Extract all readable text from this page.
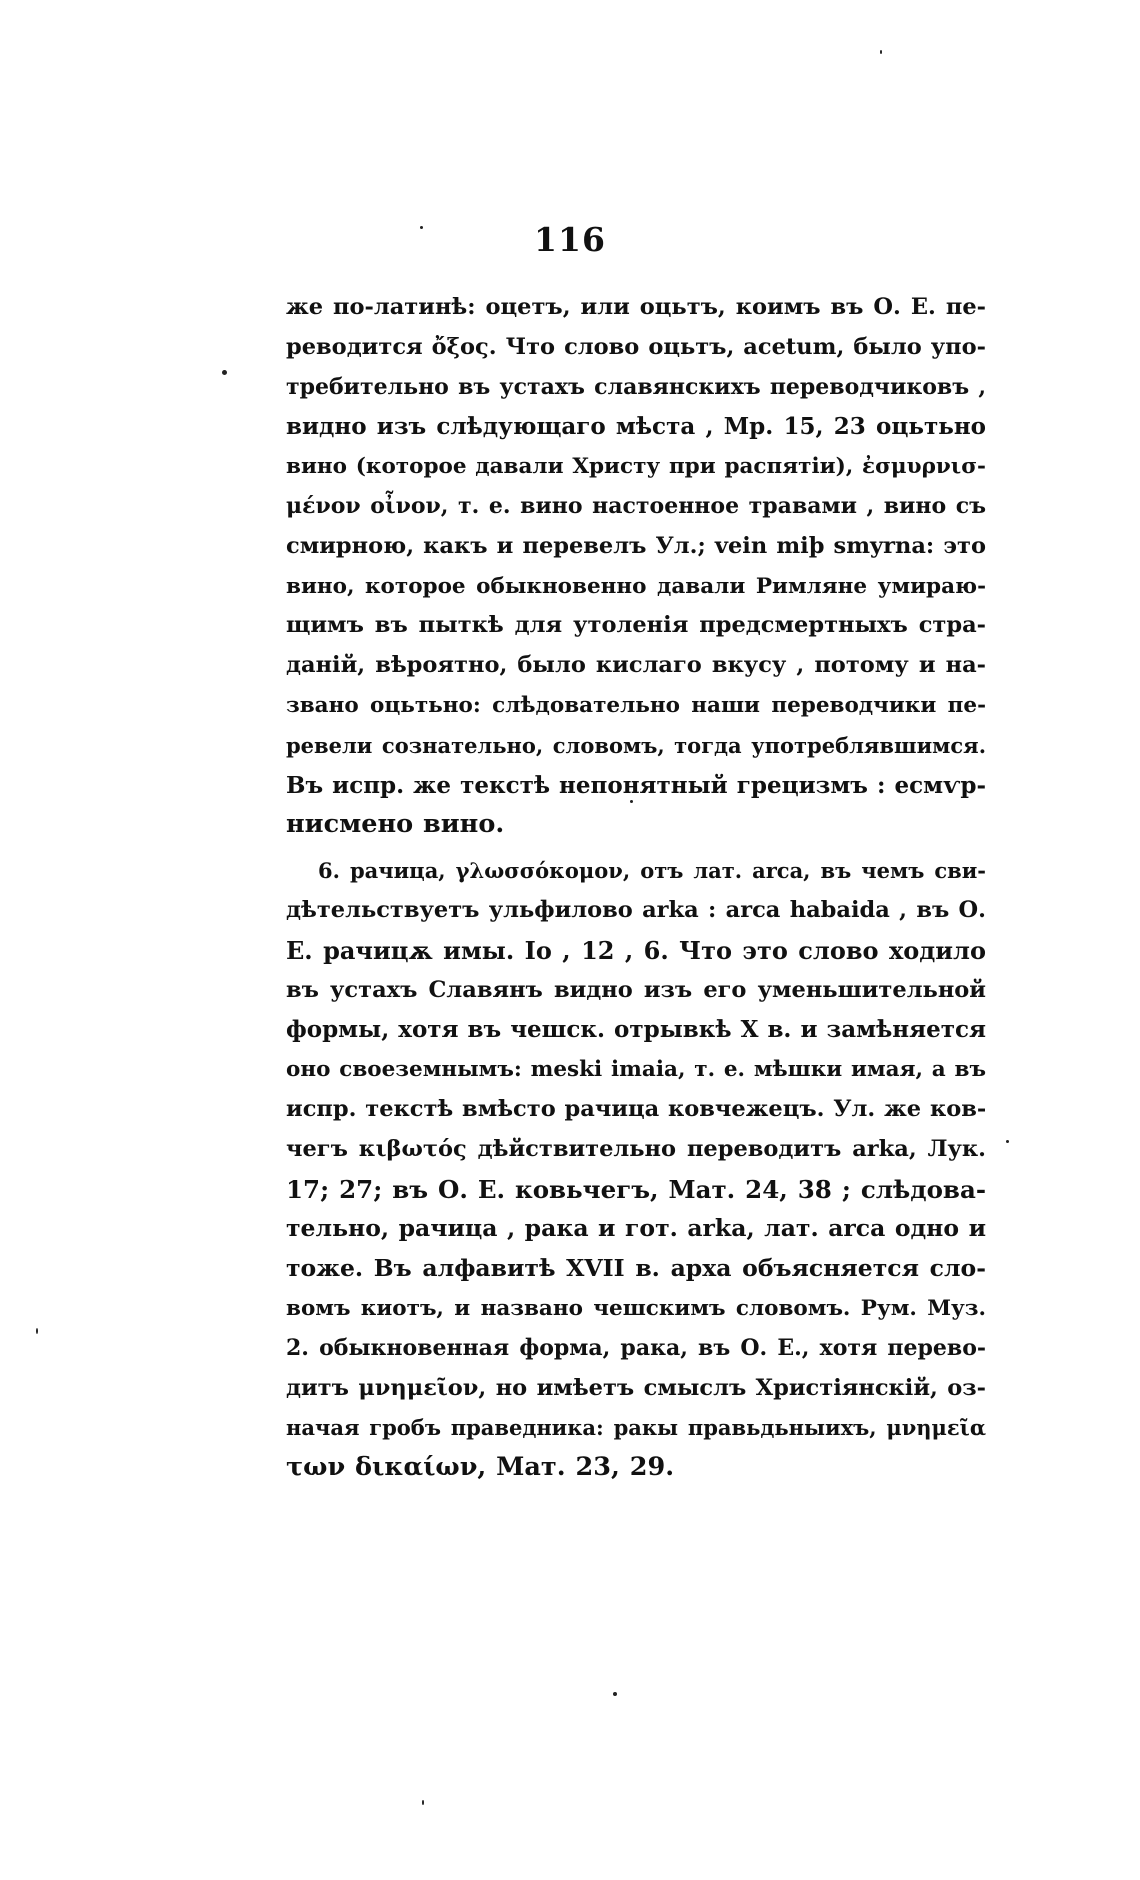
116
же по-латинѣ: оцетъ, или оцьтъ, коимъ въ О. Е. пе-
реводится ὄξος. Что слово оцьтъ, acetum, было упо-
требительно въ устахъ славянскихъ переводчиковъ ,
видно изъ слѣдующаго мѣста , Мр. 15, 23 оцьтьно
вино (которое давали Христу при распятiи), ἐσμυρνισ-
μένον οἶνον, т. е. вино настоенное травами , вино съ
смирною, какъ и перевелъ Ул.; vein miþ smyrna: это
вино, которое обыкновенно давали Римляне умираю-
щимъ въ пыткѣ для утоленiя предсмертныхъ стра-
данiй, вѣроятно, было кислаго вкусу , потому и на-
звано оцьтьно: слѣдовательно наши переводчики пе-
ревели сознательно, словомъ, тогда употреблявшимся.
Въ испр. же текстѣ непонятный грецизмъ : есмѵр-
нисмено вино.
6. рачица, γλωσσόκομον, отъ лат. arca, въ чемъ сви-
дѣтельствуетъ ульфилово arka : arca habaida , въ О.
Е. рачицѫ имы. Io , 12 , 6. Что это слово ходило
въ устахъ Славянъ видно изъ его уменьшительной
формы, хотя въ чешск. отрывкѣ X в. и замѣняется
оно своеземнымъ: meski imaia, т. е. мѣшки имая, а въ
испр. текстѣ вмѣсто рачица ковчежецъ. Ул. же ков-
чегъ κιβωτός дѣйствительно переводитъ arka, Лук.
17; 27; въ О. Е. ковьчегъ, Мат. 24, 38 ; слѣдова-
тельно, рачица , рака и гот. arka, лат. arca одно и
тоже. Въ алфавитѣ XVII в. арха объясняется сло-
вомъ киотъ, и названо чешскимъ словомъ. Рум. Муз.
2. обыкновенная форма, рака, въ О. Е., хотя перево-
дитъ μνημεῖον, но имѣетъ смыслъ Христiянскiй, оз-
начая гробъ праведника: ракы правьдьныихъ, μνημεῖα
των δικαίων, Мат. 23, 29.
